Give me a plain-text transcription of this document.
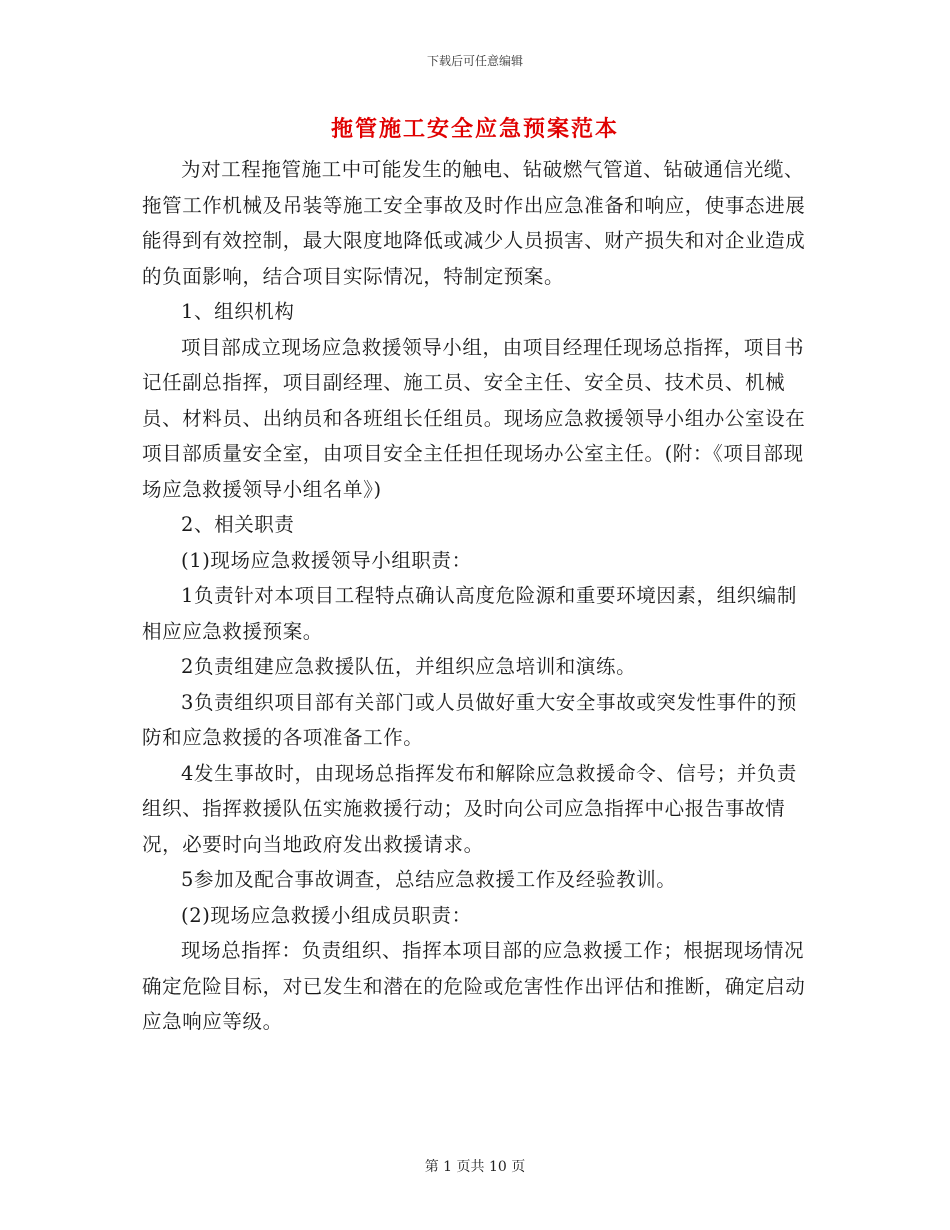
下载后可任意编辑
拖管施工安全应急预案范本

为对工程拖管施工中可能发生的触电、钻破燃气管道、钻破通信光缆、拖管工作机械及吊装等施工安全事故及时作出应急准备和响应，使事态进展能得到有效控制，最大限度地降低或减少人员损害、财产损失和对企业造成的负面影响，结合项目实际情况，特制定预案。

1、组织机构

项目部成立现场应急救援领导小组，由项目经理任现场总指挥，项目书记任副总指挥，项目副经理、施工员、安全主任、安全员、技术员、机械员、材料员、出纳员和各班组长任组员。现场应急救援领导小组办公室设在项目部质量安全室，由项目安全主任担任现场办公室主任。(附：《项目部现场应急救援领导小组名单》)

2、相关职责

(1)现场应急救援领导小组职责：

1负责针对本项目工程特点确认高度危险源和重要环境因素，组织编制相应应急救援预案。

2负责组建应急救援队伍，并组织应急培训和演练。

3负责组织项目部有关部门或人员做好重大安全事故或突发性事件的预防和应急救援的各项准备工作。

4发生事故时，由现场总指挥发布和解除应急救援命令、信号；并负责组织、指挥救援队伍实施救援行动；及时向公司应急指挥中心报告事故情况，必要时向当地政府发出救援请求。

5参加及配合事故调查，总结应急救援工作及经验教训。

(2)现场应急救援小组成员职责：

现场总指挥：负责组织、指挥本项目部的应急救援工作；根据现场情况确定危险目标，对已发生和潜在的危险或危害性作出评估和推断，确定启动应急响应等级。

第 1 页共 10 页
